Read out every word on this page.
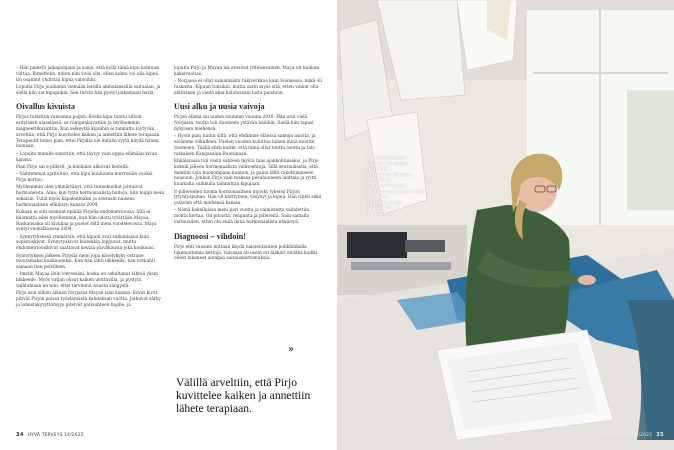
– Hän painelli jalkapohjiani ja sanoi, että kyllä tämä kipu kohtuun viittaa. Ihmettelin, miten niin voisi olla, ellen kohtu voi olla kipeä. En osannut yhdistää kipua vatsoihin.

Lopulta Pirjo joudumin viemään leirillä ambulanssilla sairaalan, ja siellä hän sai kipupiikin. Sen turvin hän pystyi jatkamaan leiriä.

Oivallus kivuista

Pirjoa tutkittiin runsonna paljon. Koska kipu tuntui silloin erityisesti alaselässä, se röntgenkuvattiin ja myöhemmin magneettikuvattiin. Kun selkeyttä kipuihin ei tunnuttu löytyvän, arveltiin, että Pirjo kuvittelee kaiken ja annettiin lähete terapiaan. Terapeutit totesi pian, ettei Pirjolla ole mitään syytä käydä hänen luonaan.

– Lopulta minulle sanottiin, että täytyy vain oppia elämään kivun kanssa.

Pian Pirjo sai e-pillerit, ja mielialat alkoivat heitellä.

– Vaihtemmat ajatteltiin, että kipu kuuluuma murrosiän vuoksi. Pirjo kertoo.

Myöhemmin olen ymmärtänyt, että tunnekuohut johtuivat hormoneista. Aina, kun tyttö hormonaalista hoitoja, niin nuppi meni sekaisin. Tulin myös käpalenmäksi ja seurasin naisena hormonaalisen ehkäisyn kanssa 2004.

Kukaan ei silti osannut epäillä Pirjolla endometrioosia. Sitä ei huomattu edes myöhemmin, kun hän odotti tytärtään Mayaa. Raskausaika oli kivuliaa ja puolet siitä meni vuodelevossa. Maya syntyi vuoksikuussa 2004.

– Synnytyksessä ymmärsin, että kipuni ovat samanlaisia kuin supistuskivut. Synnytyskivut kuitenkin loppuvat, mutta endometrioosikivut saattavat kestää päiväkausia joka kuukausi.

Synnytyksen jälkeen Pirjolla meni jopa kävelykyky ostrane muutamaksi kuukaudeksi. Kun hän lähti liikkeelle, hän notkahti samaan tien polvilleen.

– Imetin Mayaa ilnin vieressäni, koska en oskaltanut lähteä yksin liikkeelle. Myös vatjan olivat kaiken ulottuvilla, ja pystyin vaihtamaan ne niin, ettei tarvinnut nousta sängystä.

Pirjo asui silloin aikaan Norjassa Mayan isän kanssa. Kovat kivut pitivät Pirjon poissa työelämästä kahdeksan vuotta. Jatkuvat särky ja lomistakyvyttömyys pitelvät parisuhteen hajille, ja

lopulta Pirjo ja Mayan isä erosivat yhteisesuinen. Maya oli tuolloin kaksivuotias.

– Norjassa ei ollut samanlaista tukiverkkoa kuin Suomessa, mikä oli raskasta. Kipuun tunsikin, mutta surin myös sitä, etten voinut olla aktiivinen ja viedä aina halutessani lasta puistoon.

Uusi alku ja uusia vaivoja

Pirjon elämä sai uuden suunnan vuonna 2010. Hän asui vielä Norjassa, mutta tuli Suomeen ystävän hääihin. Siellä hän tapasi nykyisen miehensä.

– Hyvin pian tuntui siltä, että ehdimme eläessä samoja asioita, ja eivämme viikulleen. Puolen vuoden kuluttua hänen minä muutin Suomeen. Täällä ehtti kuitin, että tämä ollut tonttu osettu ja talo ratkaisen Kangasalan Ruutunaan.

Ehkäisyasia tuli vasta suhteen myötä taas ajankohtaiseksi, ja Pirjo kokeili jälleen hormonaalista vaihtoehtoja. Sillä seurauksella, että mentiin vain huonompaan kunnon, ja paino lähti rakettimaiseen nousuun. Jonkun Pirjo vain maksaa pesuhuoneen lanttala ja yritti kuumalla suihkulla tainnuttaa kipujaan.

E-pillereiden tuoma hormonaalinen myrsky lyhensi Pirjon tytyntyspuhaa. Hän oli kärttyinen, väsynyt ja kipeä. Hän riiteli sekä ystävien että miehensä kanssa.

– Nämä kokeiluissa meni pari vuotta ja valmistetta vaihdettiin monta kertaa. Oli pitoista, renganta ja pillereitä. Sain samalla varmuuden, etten ota enää ikinä hormonaalista ehkäisyä.

Diagnoosi – vihdoin!

Pirjo ehti vuosien mittaan käydä naistentautien poliklinikalla lukemattomia kertoja. Vaivassa oli usein eri lääkäri eivätkä kaikki olleet lukeneet aiempia sairauskertomuksia.

»
Välillä arveltiin, että Pirjo kuvittelee kaiken ja annettiin lähete terapiaan.
34 HYVÄ TERVEYS 14/2022
Ompelutyössään Pirjo ei voi välillä tärinästä johtuvasta kivusta, joka liittyy endometrioosiin. Teollisuusompelukoneissa on paljon voimakkaampi tärinä kuin kotikoneissa.
HYVÄ TERVEYS 14/2022 35
